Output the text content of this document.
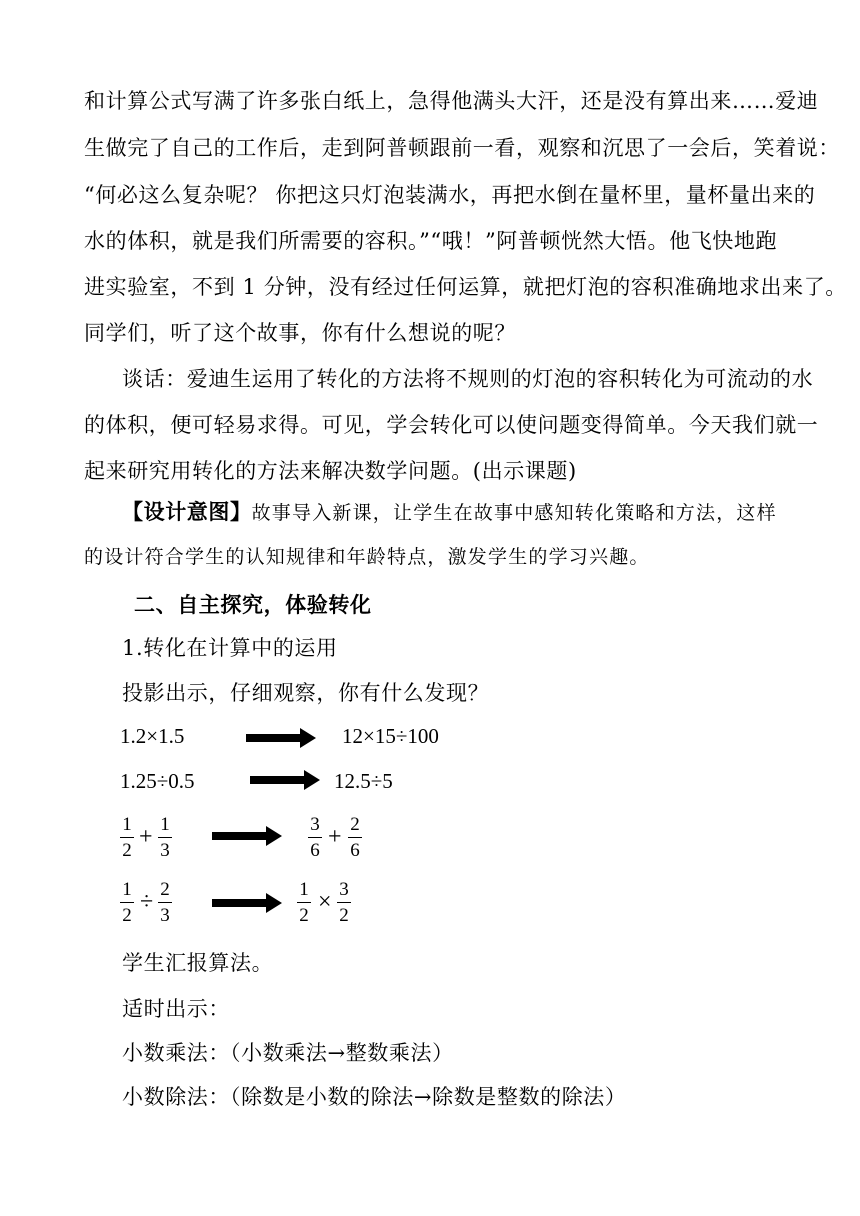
和计算公式写满了许多张白纸上，急得他满头大汗，还是没有算出来……爱迪
生做完了自己的工作后，走到阿普顿跟前一看，观察和沉思了一会后，笑着说：
“何必这么复杂呢？ 你把这只灯泡装满水，再把水倒在量杯里，量杯量出来的
水的体积，就是我们所需要的容积。”“哦！”阿普顿恍然大悟。他飞快地跑
进实验室，不到 1 分钟，没有经过任何运算，就把灯泡的容积准确地求出来了。
同学们，听了这个故事，你有什么想说的呢？
谈话：爱迪生运用了转化的方法将不规则的灯泡的容积转化为可流动的水
的体积，便可轻易求得。可见，学会转化可以使问题变得简单。今天我们就一
起来研究用转化的方法来解决数学问题。(出示课题)
【设计意图】故事导入新课，让学生在故事中感知转化策略和方法，这样
的设计符合学生的认知规律和年龄特点，激发学生的学习兴趣。
二、自主探究，体验转化
1.转化在计算中的运用
投影出示，仔细观察，你有什么发现？
1.2×1.5	12×15÷100
1.25÷0.5	12.5÷5
1
2
+ 1
3
3
6
+ 2
6
1
2
÷ 2
3
1
2
× 3
2
学生汇报算法。
适时出示：
小数乘法：（小数乘法→整数乘法）
小数除法：（除数是小数的除法→除数是整数的除法）
